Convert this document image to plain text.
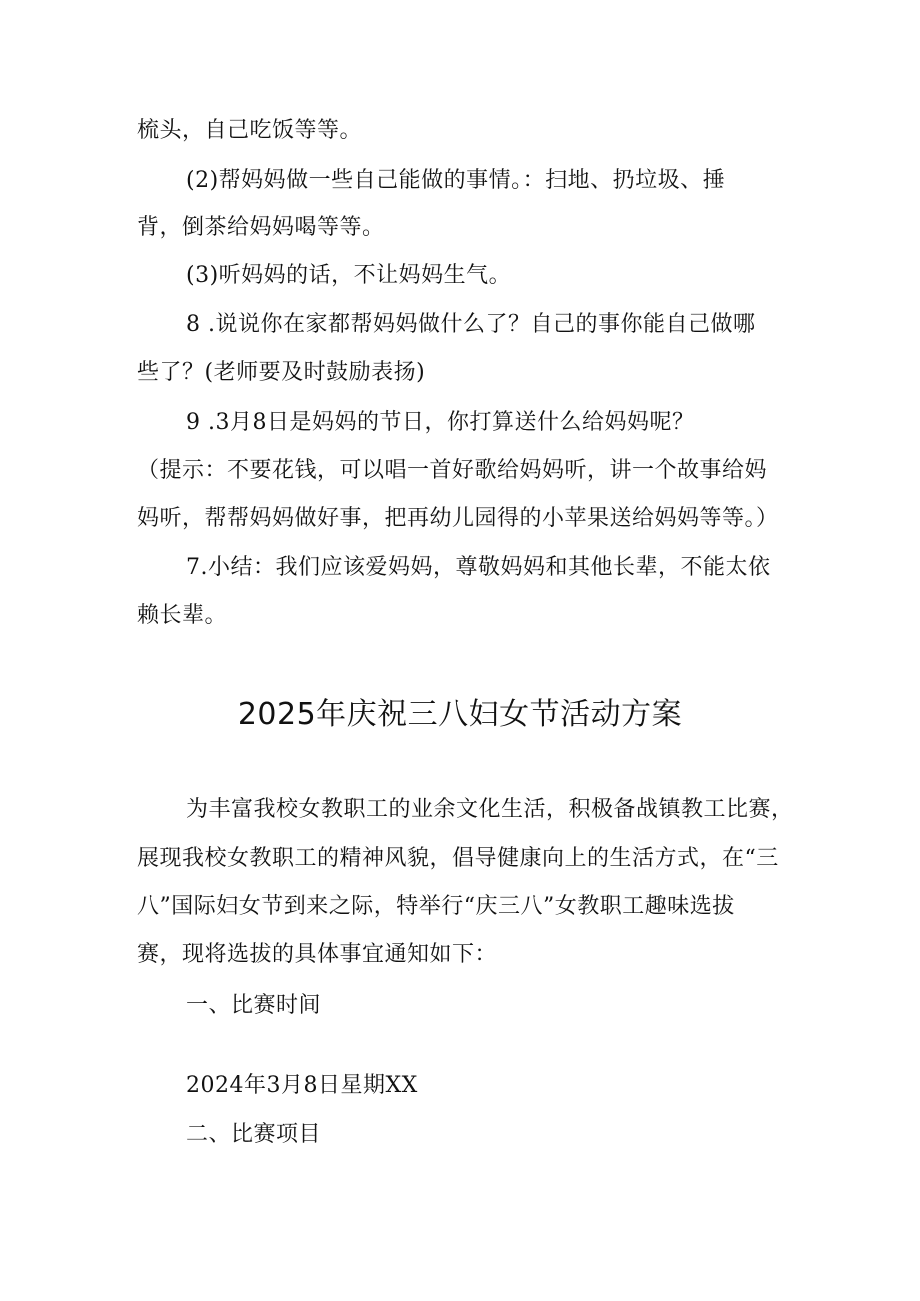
梳头，自己吃饭等等。
(2)帮妈妈做一些自己能做的事情。：扫地、扔垃圾、捶
背，倒茶给妈妈喝等等。
(3)听妈妈的话，不让妈妈生气。
8 .说说你在家都帮妈妈做什么了？自己的事你能自己做哪
些了？(老师要及时鼓励表扬)
9 .3月8日是妈妈的节日，你打算送什么给妈妈呢？
（提示：不要花钱，可以唱一首好歌给妈妈听，讲一个故事给妈
妈听，帮帮妈妈做好事，把再幼儿园得的小苹果送给妈妈等等。）
7.小结：我们应该爱妈妈，尊敬妈妈和其他长辈，不能太依
赖长辈。
2025年庆祝三八妇女节活动方案
为丰富我校女教职工的业余文化生活，积极备战镇教工比赛，
展现我校女教职工的精神风貌，倡导健康向上的生活方式，在“三
八”国际妇女节到来之际，特举行“庆三八”女教职工趣味选拔
赛，现将选拔的具体事宜通知如下：
一、比赛时间
2024年3月8日星期XX
二、比赛项目
